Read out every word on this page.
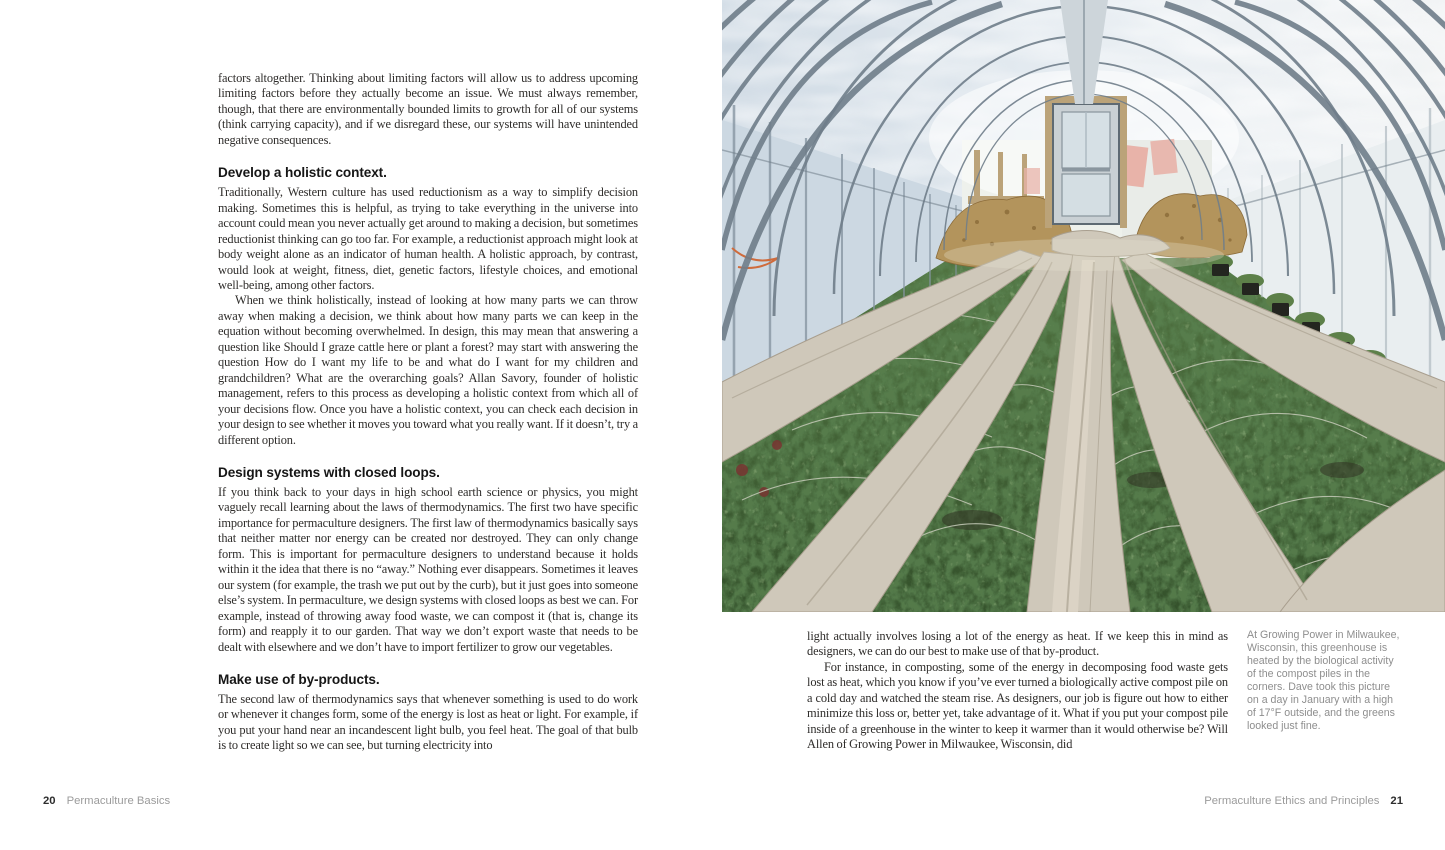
factors altogether. Thinking about limiting factors will allow us to address upcoming limiting factors before they actually become an issue. We must always remember, though, that there are environmentally bounded limits to growth for all of our systems (think carrying capacity), and if we disregard these, our systems will have unintended negative consequences.

Develop a holistic context.

Traditionally, Western culture has used reductionism as a way to simplify decision making. Sometimes this is helpful, as trying to take everything in the universe into account could mean you never actually get around to making a decision, but sometimes reductionist thinking can go too far. For example, a reductionist approach might look at body weight alone as an indicator of human health. A holistic approach, by contrast, would look at weight, fitness, diet, genetic factors, lifestyle choices, and emotional well-being, among other factors.

When we think holistically, instead of looking at how many parts we can throw away when making a decision, we think about how many parts we can keep in the equation without becoming overwhelmed. In design, this may mean that answering a question like Should I graze cattle here or plant a forest? may start with answering the question How do I want my life to be and what do I want for my children and grandchildren? What are the overarching goals? Allan Savory, founder of holistic management, refers to this process as developing a holistic context from which all of your decisions flow. Once you have a holistic context, you can check each decision in your design to see whether it moves you toward what you really want. If it doesn’t, try a different option.

Design systems with closed loops.

If you think back to your days in high school earth science or physics, you might vaguely recall learning about the laws of thermodynamics. The first two have specific importance for permaculture designers. The first law of thermodynamics basically says that neither matter nor energy can be created nor destroyed. They can only change form. This is important for permaculture designers to understand because it holds within it the idea that there is no “away.” Nothing ever disappears. Sometimes it leaves our system (for example, the trash we put out by the curb), but it just goes into someone else’s system. In permaculture, we design systems with closed loops as best we can. For example, instead of throwing away food waste, we can compost it (that is, change its form) and reapply it to our garden. That way we don’t export waste that needs to be dealt with elsewhere and we don’t have to import fertilizer to grow our vegetables.

Make use of by-products.

The second law of thermodynamics says that whenever something is used to do work or whenever it changes form, some of the energy is lost as heat or light. For example, if you put your hand near an incandescent light bulb, you feel heat. The goal of that bulb is to create light so we can see, but turning electricity into

light actually involves losing a lot of the energy as heat. If we keep this in mind as designers, we can do our best to make use of that by-product.

For instance, in composting, some of the energy in decomposing food waste gets lost as heat, which you know if you’ve ever turned a biologically active compost pile on a cold day and watched the steam rise. As designers, our job is figure out how to either minimize this loss or, better yet, take advantage of it. What if you put your compost pile inside of a greenhouse in the winter to keep it warmer than it would otherwise be? Will Allen of Growing Power in Milwaukee, Wisconsin, did

At Growing Power in Milwaukee, Wisconsin, this greenhouse is heated by the biological activity of the compost piles in the corners. Dave took this picture on a day in January with a high of 17°F outside, and the greens looked just fine.
20 Permaculture Basics	Permaculture Ethics and Principles 21
